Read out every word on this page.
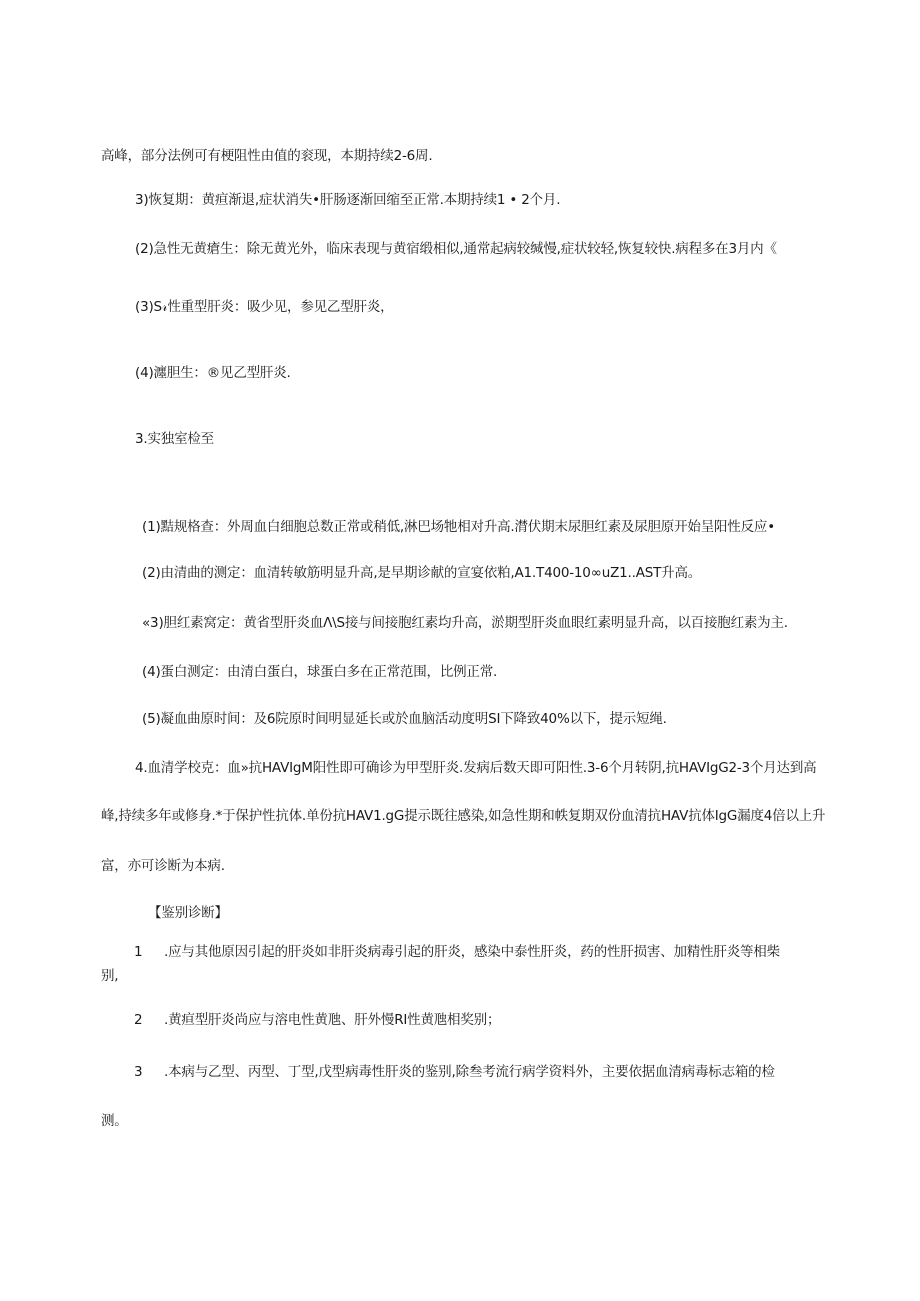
高峰，部分法例可有梗阻性由值的衮现，本期持续2-6周.
3)恢复期：黄疸渐退,症状消失•肝肠逐渐回缩至正常.本期持续1 • 2个月.
(2)急性无黄瘡生：除无黄光外，临床表现与黄宿缎相似,通常起病较缄慢,症状较轻,恢复较快.病程多在3月内《
(3)S𝓇性重型肝炎：吸少见，参见乙型肝炎，
(4)瀍胆生：®见乙型肝炎.
3.实独室检至
(1)黠规格查：外周血白细胞总数正常或稍低,淋巴场牠相对升高.潸伏期末尿胆红素及尿胆原开始呈阳性反应•
(2)由清曲的测定：血清转敏筋明显升高,是早期诊献的宣宴依粕,A1.T400-10∞uZ1..AST升高。
«3)胆红素窝定：黄省型肝炎血Λ\S接与间接胞红素均升高，淤期型肝炎血眼红素明显升高，以百接胞红素为主.
(4)蛋白测定：由清白蛋白，球蛋白多在正常范围，比例正常.
(5)凝血曲原时间：及6院原时间明显延长或於血脑活动度明SI下降致40%以下，提示短绳.
4.血清学校克：血»抗HAVIgM阳性即可确诊为甲型肝炎.发病后数天即可阳性.3-6个月转阴,抗HAVIgG2-3个月达到高
峰,持续多年或修身.*于保护性抗体.单份抗HAV1.gG提示既往感染,如急性期和帙复期双份血清抗HAV抗体IgG漏度4倍以上升
富，亦可诊断为本病.
【鉴别诊断】
1 .应与其他原因引起的肝炎如非肝炎病毒引起的肝炎，感染中泰性肝炎，药的性肝损害、加精性肝炎等相柴
别,
2 .黄疸型肝炎尚应与溶电性黄虺、肝外慢RI性黄虺相奖别；
3 .本病与乙型、丙型、丁型,戊型病毒性肝炎的鉴别,除叁考流行病学资料外，主要依据血清病毒标志箱的检
测。
